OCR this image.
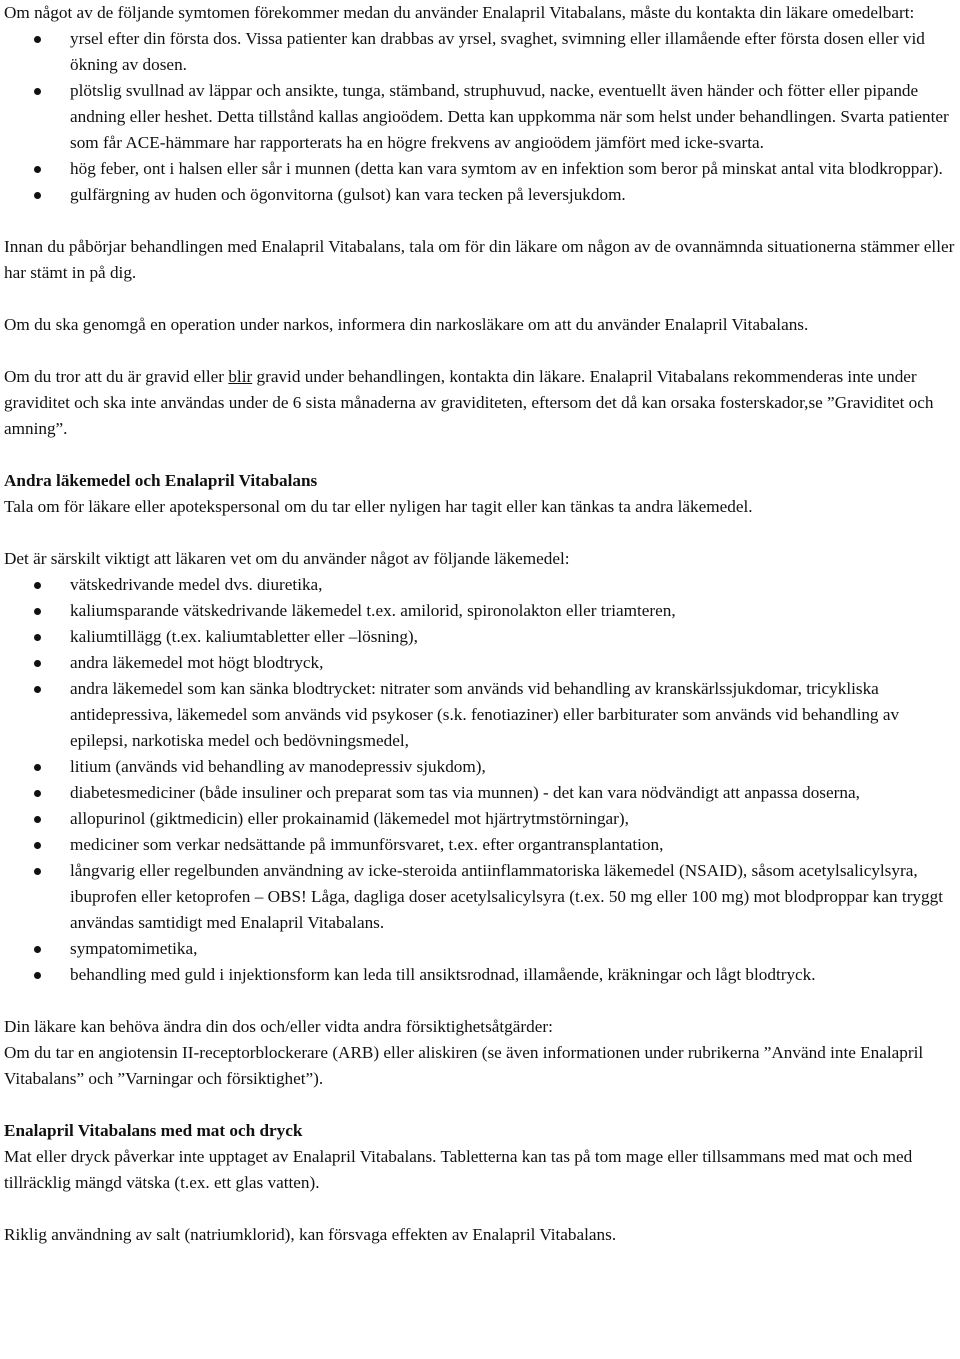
Om något av de följande symtomen förekommer medan du använder Enalapril Vitabalans, måste du kontakta din läkare omedelbart:

yrsel efter din första dos. Vissa patienter kan drabbas av yrsel, svaghet, svimning eller illamående efter första dosen eller vid ökning av dosen.
plötslig svullnad av läppar och ansikte, tunga, stämband, struphuvud, nacke, eventuellt även händer och fötter eller pipande andning eller heshet. Detta tillstånd kallas angioödem. Detta kan uppkomma när som helst under behandlingen. Svarta patienter som får ACE-hämmare har rapporterats ha en högre frekvens av angioödem jämfört med icke-svarta.
hög feber, ont i halsen eller sår i munnen (detta kan vara symtom av en infektion som beror på minskat antal vita blodkroppar).
gulfärgning av huden och ögonvitorna (gulsot) kan vara tecken på leversjukdom.

Innan du påbörjar behandlingen med Enalapril Vitabalans, tala om för din läkare om någon av de ovannämnda situationerna stämmer eller har stämt in på dig.

Om du ska genomgå en operation under narkos, informera din narkosläkare om att du använder Enalapril Vitabalans.

Om du tror att du är gravid eller blir gravid under behandlingen, kontakta din läkare. Enalapril Vitabalans rekommenderas inte under graviditet och ska inte användas under de 6 sista månaderna av graviditeten, eftersom det då kan orsaka fosterskador,se ”Graviditet och amning”.

Andra läkemedel och Enalapril Vitabalans

Tala om för läkare eller apotekspersonal om du tar eller nyligen har tagit eller kan tänkas ta andra läkemedel.

Det är särskilt viktigt att läkaren vet om du använder något av följande läkemedel:

vätskedrivande medel dvs. diuretika,
kaliumsparande vätskedrivande läkemedel t.ex. amilorid, spironolakton eller triamteren,
kaliumtillägg (t.ex. kaliumtabletter eller –lösning),
andra läkemedel mot högt blodtryck,
andra läkemedel som kan sänka blodtrycket: nitrater som används vid behandling av kranskärlssjukdomar, tricykliska antidepressiva, läkemedel som används vid psykoser (s.k. fenotiaziner) eller barbiturater som används vid behandling av epilepsi, narkotiska medel och bedövningsmedel,
litium (används vid behandling av manodepressiv sjukdom),
diabetesmediciner (både insuliner och preparat som tas via munnen) - det kan vara nödvändigt att anpassa doserna,
allopurinol (giktmedicin) eller prokainamid (läkemedel mot hjärtrytmstörningar),
mediciner som verkar nedsättande på immunförsvaret, t.ex. efter organtransplantation,
långvarig eller regelbunden användning av icke-steroida antiinflammatoriska läkemedel (NSAID), såsom acetylsalicylsyra, ibuprofen eller ketoprofen – OBS! Låga, dagliga doser acetylsalicylsyra (t.ex. 50 mg eller 100 mg) mot blodproppar kan tryggt användas samtidigt med Enalapril Vitabalans.
sympatomimetika,
behandling med guld i injektionsform kan leda till ansiktsrodnad, illamående, kräkningar och lågt blodtryck.

Din läkare kan behöva ändra din dos och/eller vidta andra försiktighetsåtgärder:

Om du tar en angiotensin II-receptorblockerare (ARB) eller aliskiren (se även informationen under rubrikerna ”Använd inte Enalapril Vitabalans” och ”Varningar och försiktighet”).

Enalapril Vitabalans med mat och dryck

Mat eller dryck påverkar inte upptaget av Enalapril Vitabalans. Tabletterna kan tas på tom mage eller tillsammans med mat och med tillräcklig mängd vätska (t.ex. ett glas vatten).

Riklig användning av salt (natriumklorid), kan försvaga effekten av Enalapril Vitabalans.
